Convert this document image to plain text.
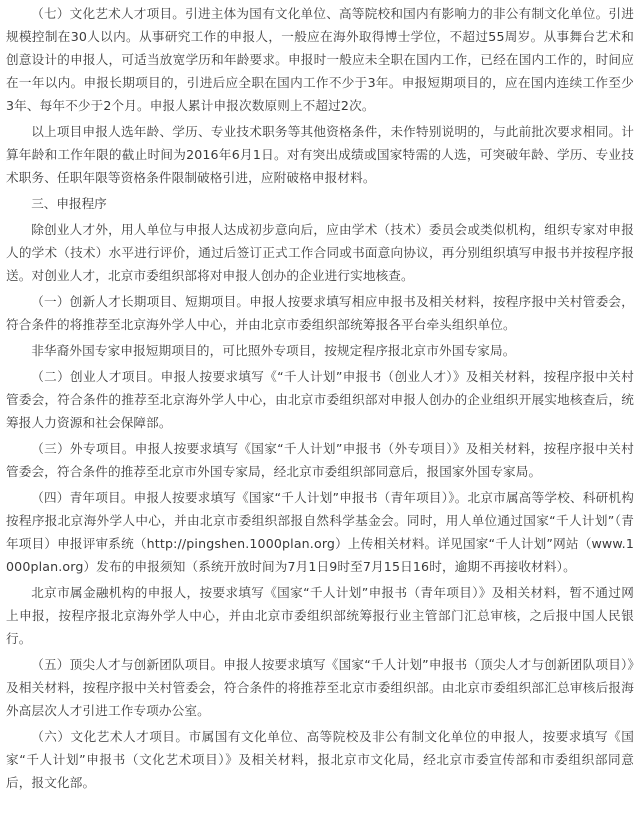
（七）文化艺术人才项目。引进主体为国有文化单位、高等院校和国内有影响力的非公有制文化单位。引进规模控制在30人以内。从事研究工作的申报人，一般应在海外取得博士学位，不超过55周岁。从事舞台艺术和创意设计的申报人，可适当放宽学历和年龄要求。申报时一般应未全职在国内工作，已经在国内工作的，时间应在一年以内。申报长期项目的，引进后应全职在国内工作不少于3年。申报短期项目的，应在国内连续工作至少3年、每年不少于2个月。申报人累计申报次数原则上不超过2次。

以上项目申报人选年龄、学历、专业技术职务等其他资格条件，未作特别说明的，与此前批次要求相同。计算年龄和工作年限的截止时间为2016年6月1日。对有突出成绩或国家特需的人选，可突破年龄、学历、专业技术职务、任职年限等资格条件限制破格引进，应附破格申报材料。

三、申报程序

除创业人才外，用人单位与申报人达成初步意向后，应由学术（技术）委员会或类似机构，组织专家对申报人的学术（技术）水平进行评价，通过后签订正式工作合同或书面意向协议，再分别组织填写申报书并按程序报送。对创业人才，北京市委组织部将对申报人创办的企业进行实地核查。

（一）创新人才长期项目、短期项目。申报人按要求填写相应申报书及相关材料，按程序报中关村管委会，符合条件的将推荐至北京海外学人中心，并由北京市委组织部统筹报各平台牵头组织单位。

非华裔外国专家申报短期项目的，可比照外专项目，按规定程序报北京市外国专家局。

（二）创业人才项目。申报人按要求填写《“千人计划”申报书（创业人才）》及相关材料，按程序报中关村管委会，符合条件的推荐至北京海外学人中心，由北京市委组织部对申报人创办的企业组织开展实地核查后，统筹报人力资源和社会保障部。

（三）外专项目。申报人按要求填写《国家“千人计划”申报书（外专项目）》及相关材料，按程序报中关村管委会，符合条件的推荐至北京市外国专家局，经北京市委组织部同意后，报国家外国专家局。

（四）青年项目。申报人按要求填写《国家“千人计划”申报书（青年项目）》。北京市属高等学校、科研机构按程序报北京海外学人中心，并由北京市委组织部报自然科学基金会。同时，用人单位通过国家“千人计划”（青年项目）申报评审系统（http://pingshen.1000plan.org）上传相关材料。详见国家“千人计划”网站（www.1000plan.org）发布的申报须知（系统开放时间为7月1日9时至7月15日16时，逾期不再接收材料）。

北京市属金融机构的申报人，按要求填写《国家“千人计划”申报书（青年项目）》及相关材料，暂不通过网上申报，按程序报北京海外学人中心，并由北京市委组织部统筹报行业主管部门汇总审核，之后报中国人民银行。

（五）顶尖人才与创新团队项目。申报人按要求填写《国家“千人计划”申报书（顶尖人才与创新团队项目）》及相关材料，按程序报中关村管委会，符合条件的将推荐至北京市委组织部。由北京市委组织部汇总审核后报海外高层次人才引进工作专项办公室。

（六）文化艺术人才项目。市属国有文化单位、高等院校及非公有制文化单位的申报人，按要求填写《国家“千人计划”申报书（文化艺术项目）》及相关材料，报北京市文化局，经北京市委宣传部和市委组织部同意后，报文化部。
